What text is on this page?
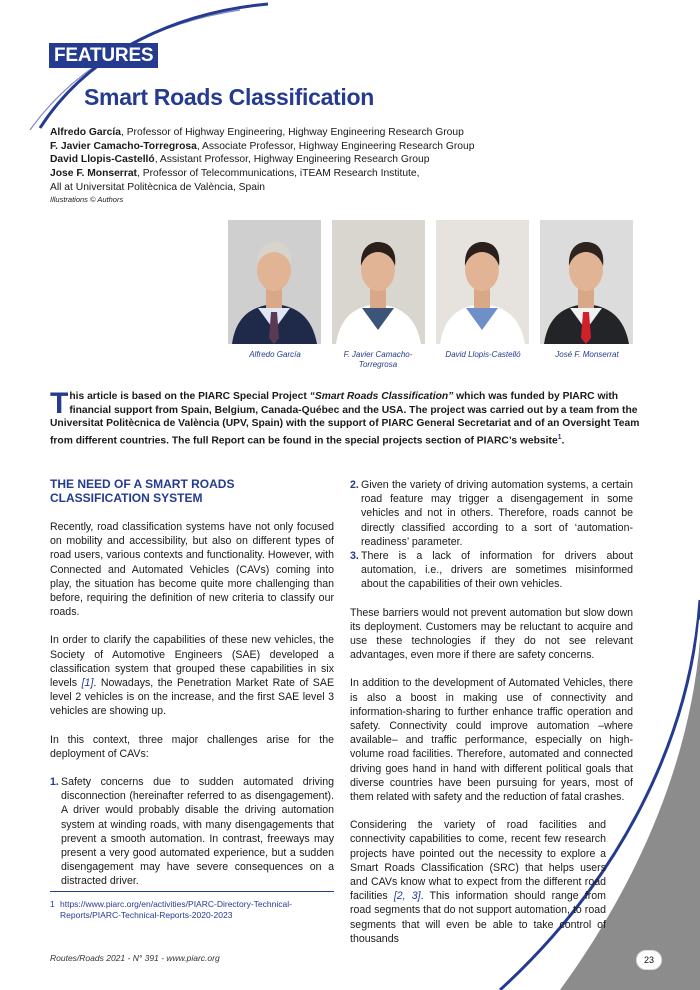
FEATURES
Smart Roads Classification
Alfredo García, Professor of Highway Engineering, Highway Engineering Research Group
F. Javier Camacho-Torregrosa, Associate Professor, Highway Engineering Research Group
David Llopis-Castelló, Assistant Professor, Highway Engineering Research Group
Jose F. Monserrat, Professor of Telecommunications, iTEAM Research Institute,
All at Universitat Politècnica de València, Spain
Illustrations © Authors
Alfredo García	F. Javier Camacho-Torregrosa
David Llopis-Castelló	José F. Monserrat
This article is based on the PIARC Special Project “Smart Roads Classification” which was funded by PIARC with financial support from Spain, Belgium, Canada-Québec and the USA. The project was carried out by a team from the Universitat Politècnica de València (UPV, Spain) with the support of PIARC General Secretariat and of an Oversight Team from different countries. The full Report can be found in the special projects section of PIARC’s website$^1$.
THE NEED OF A SMART ROADS CLASSIFICATION SYSTEM

Recently, road classification systems have not only focused on mobility and accessibility, but also on different types of road users, various contexts and functionality. However, with Connected and Automated Vehicles (CAVs) coming into play, the situation has become quite more challenging than before, requiring the definition of new criteria to classify our roads.

In order to clarify the capabilities of these new vehicles, the Society of Automotive Engineers (SAE) developed a classification system that grouped these capabilities in six levels [1]. Nowadays, the Penetration Market Rate of SAE level 2 vehicles is on the increase, and the first SAE level 3 vehicles are showing up.

In this context, three major challenges arise for the deployment of CAVs:

1. Safety concerns due to sudden automated driving disconnection (hereinafter referred to as disengagement). A driver would probably disable the driving automation system at winding roads, with many disengagements that prevent a smooth automation. In contrast, freeways may present a very good automated experience, but a sudden disengagement may have severe consequences on a distracted driver.
1 https://www.piarc.org/en/activities/PIARC-Directory-Technical-Reports/PIARC-Technical-Reports-2020-2023
2. Given the variety of driving automation systems, a certain road feature may trigger a disengagement in some vehicles and not in others. Therefore, roads cannot be directly classified according to a sort of ‘automation-readiness’ parameter.
3. There is a lack of information for drivers about automation, i.e., drivers are sometimes misinformed about the capabilities of their own vehicles.

These barriers would not prevent automation but slow down its deployment. Customers may be reluctant to acquire and use these technologies if they do not see relevant advantages, even more if there are safety concerns.

In addition to the development of Automated Vehicles, there is also a boost in making use of connectivity and information-sharing to further enhance traffic operation and safety. Connectivity could improve automation –where available– and traffic performance, especially on high-volume road facilities. Therefore, automated and connected driving goes hand in hand with different political goals that diverse countries have been pursuing for years, most of them related with safety and the reduction of fatal crashes.

Considering the variety of road facilities and connectivity capabilities to come, recent few research projects have pointed out the necessity to explore a Smart Roads Classification (SRC) that helps users and CAVs know what to expect from the different road facilities [2, 3]. This information should range from road segments that do not support automation, to road segments that will even be able to take control of thousands

Routes/Roads 2021 - N° 391 - www.piarc.org	23
